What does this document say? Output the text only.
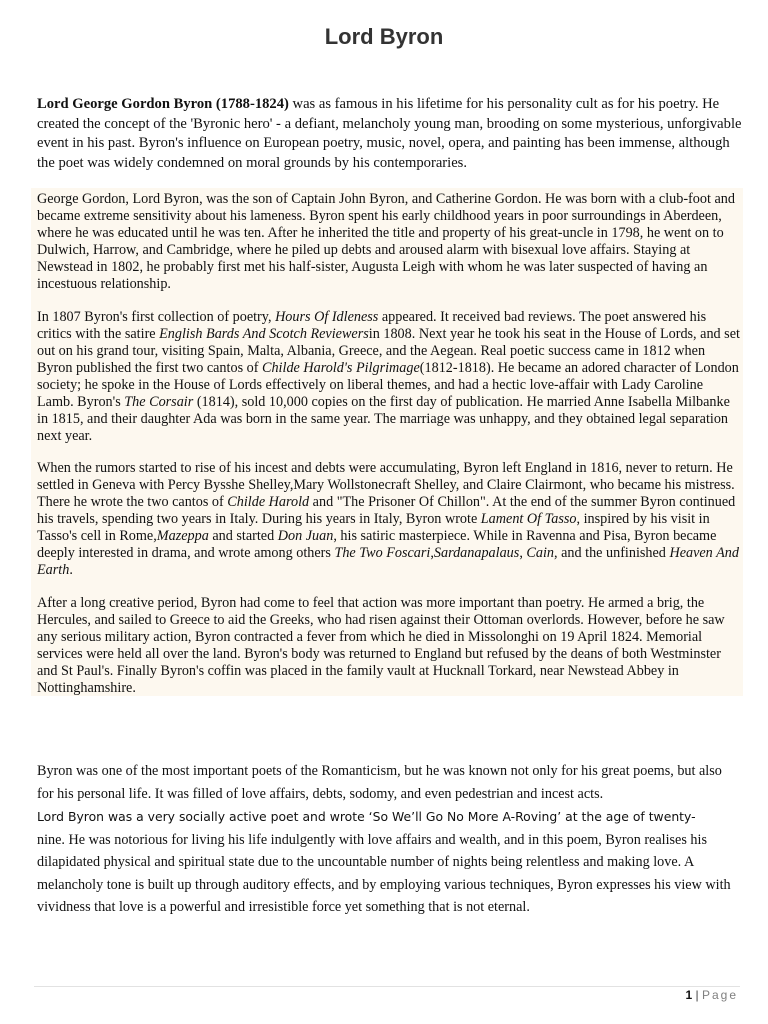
Lord Byron

Lord George Gordon Byron (1788-1824) was as famous in his lifetime for his personality cult as for his poetry. He created the concept of the 'Byronic hero' - a defiant, melancholy young man, brooding on some mysterious, unforgivable event in his past. Byron's influence on European poetry, music, novel, opera, and painting has been immense, although the poet was widely condemned on moral grounds by his contemporaries.

George Gordon, Lord Byron, was the son of Captain John Byron, and Catherine Gordon. He was born with a club-foot and became extreme sensitivity about his lameness. Byron spent his early childhood years in poor surroundings in Aberdeen, where he was educated until he was ten. After he inherited the title and property of his great-uncle in 1798, he went on to Dulwich, Harrow, and Cambridge, where he piled up debts and aroused alarm with bisexual love affairs. Staying at Newstead in 1802, he probably first met his half-sister, Augusta Leigh with whom he was later suspected of having an incestuous relationship.

In 1807 Byron's first collection of poetry, Hours Of Idleness appeared. It received bad reviews. The poet answered his critics with the satire English Bards And Scotch Reviewersin 1808. Next year he took his seat in the House of Lords, and set out on his grand tour, visiting Spain, Malta, Albania, Greece, and the Aegean. Real poetic success came in 1812 when Byron published the first two cantos of Childe Harold's Pilgrimage(1812-1818). He became an adored character of London society; he spoke in the House of Lords effectively on liberal themes, and had a hectic love-affair with Lady Caroline Lamb. Byron's The Corsair (1814), sold 10,000 copies on the first day of publication. He married Anne Isabella Milbanke in 1815, and their daughter Ada was born in the same year. The marriage was unhappy, and they obtained legal separation next year.

When the rumors started to rise of his incest and debts were accumulating, Byron left England in 1816, never to return. He settled in Geneva with Percy Bysshe Shelley,Mary Wollstonecraft Shelley, and Claire Clairmont, who became his mistress. There he wrote the two cantos of Childe Harold and "The Prisoner Of Chillon". At the end of the summer Byron continued his travels, spending two years in Italy. During his years in Italy, Byron wrote Lament Of Tasso, inspired by his visit in Tasso's cell in Rome,Mazeppa and started Don Juan, his satiric masterpiece. While in Ravenna and Pisa, Byron became deeply interested in drama, and wrote among others The Two Foscari,Sardanapalaus, Cain, and the unfinished Heaven And Earth.

After a long creative period, Byron had come to feel that action was more important than poetry. He armed a brig, the Hercules, and sailed to Greece to aid the Greeks, who had risen against their Ottoman overlords. However, before he saw any serious military action, Byron contracted a fever from which he died in Missolonghi on 19 April 1824. Memorial services were held all over the land. Byron's body was returned to England but refused by the deans of both Westminster and St Paul's. Finally Byron's coffin was placed in the family vault at Hucknall Torkard, near Newstead Abbey in Nottinghamshire.

Byron was one of the most important poets of the Romanticism, but he was known not only for his great poems, but also for his personal life. It was filled of love affairs, debts, sodomy, and even pedestrian and incest acts.

Lord Byron was a very socially active poet and wrote ‘So We’ll Go No More A-Roving’ at the age of twenty-
nine. He was notorious for living his life indulgently with love affairs and wealth, and in this poem, Byron realises his dilapidated physical and spiritual state due to the uncountable number of nights being relentless and making love. A melancholy tone is built up through auditory effects, and by employing various techniques, Byron expresses his view with vividness that love is a powerful and irresistible force yet something that is not eternal.

1 | Page
